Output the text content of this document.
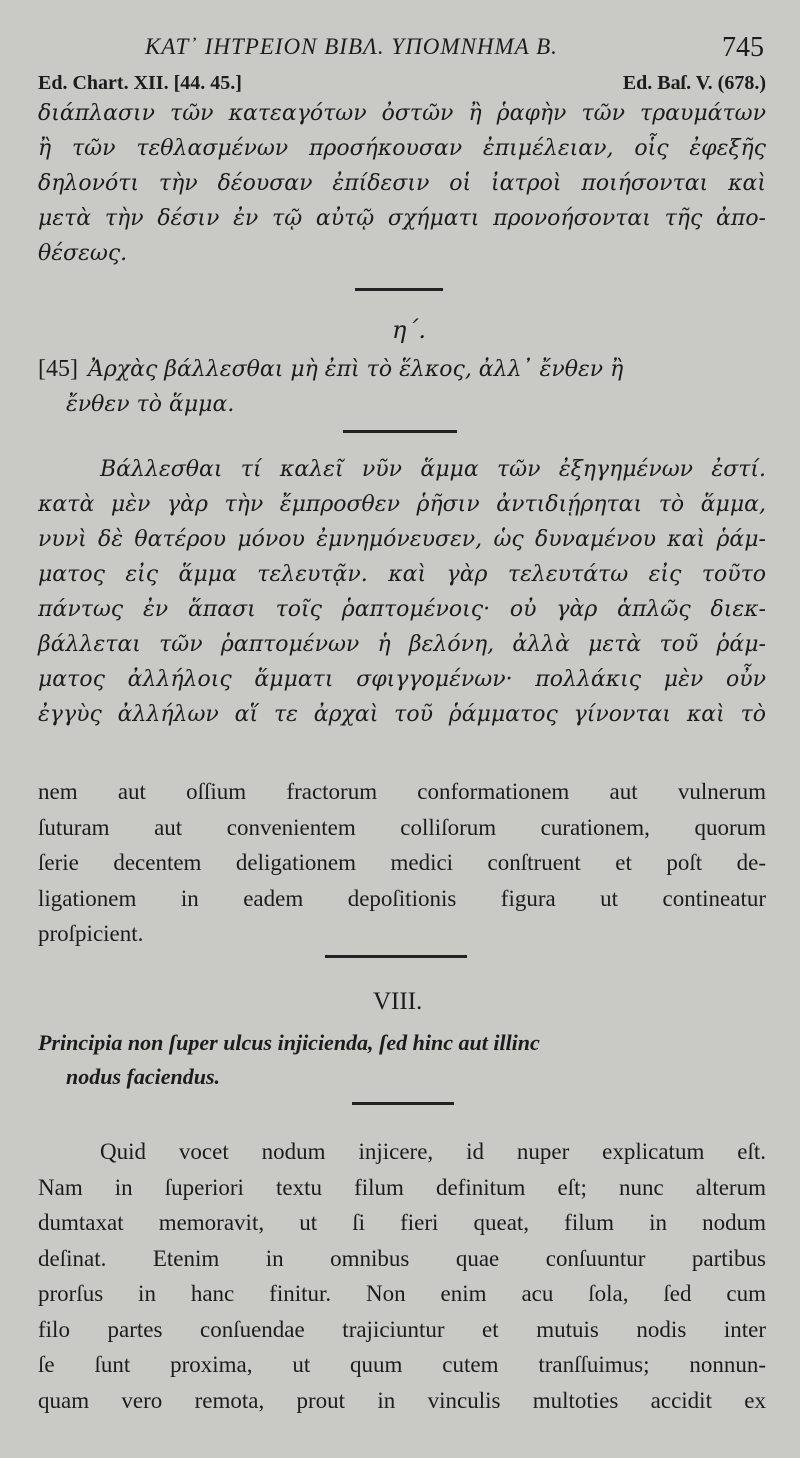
ΚΑΤ᾿ ΙΗΤΡΕΙΟΝ ΒΙΒΛ. ΥΠΟΜΝΗΜΑ Β.	745
Ed. Chart. XII. [44. 45.]	Ed. Baſ. V. (678.)
διάπλασιν τῶν κατεαγότων ὀστῶν ἢ ῥαφὴν τῶν τραυμάτων
ἢ τῶν τεθλασμένων προσήκουσαν ἐπιμέλειαν, οἷς ἐφεξῆς
δηλονότι τὴν δέουσαν ἐπίδεσιν οἱ ἰατροὶ ποιήσονται καὶ
μετὰ τὴν δέσιν ἐν τῷ αὐτῷ σχήματι προνοήσονται τῆς ἀπο-
θέσεως.
η΄.
[45] Ἀρχὰς βάλλεσθαι μὴ ἐπὶ τὸ ἕλκος, ἀλλ᾿ ἔνθεν ἢ
ἔνθεν τὸ ἅμμα.
Βάλλεσθαι τί καλεῖ νῦν ἅμμα τῶν ἐξηγημένων ἐστί.
κατὰ μὲν γὰρ τὴν ἔμπροσθεν ῥῆσιν ἀντιδιῄρηται τὸ ἅμμα,
νυνὶ δὲ θατέρου μόνου ἐμνημόνευσεν, ὡς δυναμένου καὶ ῥάμ-
ματος εἰς ἅμμα τελευτᾷν. καὶ γὰρ τελευτάτω εἰς τοῦτο
πάντως ἐν ἅπασι τοῖς ῥαπτομένοις· οὐ γὰρ ἁπλῶς διεκ-
βάλλεται τῶν ῥαπτομένων ἡ βελόνη, ἀλλὰ μετὰ τοῦ ῥάμ-
ματος ἀλλήλοις ἅμματι σφιγγομένων· πολλάκις μὲν οὖν
ἐγγὺς ἀλλήλων αἵ τε ἀρχαὶ τοῦ ῥάμματος γίνονται καὶ τὸ
nem aut oſſium fractorum conformationem aut vulnerum
ſuturam aut convenientem colliſorum curationem, quorum
ſerie decentem deligationem medici conſtruent et poſt de-
ligationem in eadem depoſitionis figura ut contineatur
proſpicient.
VIII.
Principia non ſuper ulcus injicienda, ſed hinc aut illinc
nodus faciendus.
Quid vocet nodum injicere, id nuper explicatum eſt.
Nam in ſuperiori textu filum definitum eſt; nunc alterum
dumtaxat memoravit, ut ſi fieri queat, filum in nodum
deſinat. Etenim in omnibus quae conſuuntur partibus
prorſus in hanc finitur. Non enim acu ſola, ſed cum
filo partes conſuendae trajiciuntur et mutuis nodis inter
ſe ſunt proxima, ut quum cutem tranſſuimus; nonnun-
quam vero remota, prout in vinculis multoties accidit ex
